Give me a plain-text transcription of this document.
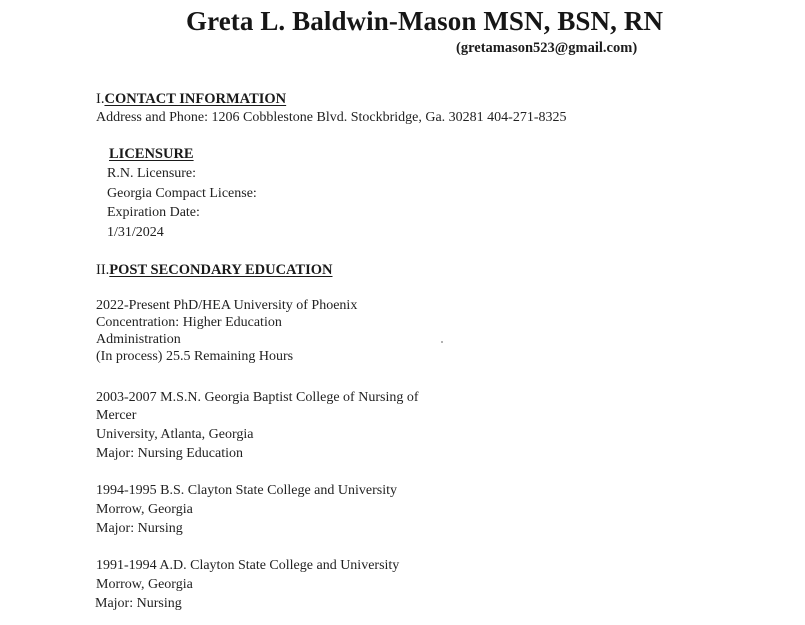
Greta L. Baldwin-Mason MSN, BSN, RN
(gretamason523@gmail.com)
I.CONTACT INFORMATION
Address and Phone: 1206 Cobblestone Blvd. Stockbridge, Ga. 30281 404-271-8325
LICENSURE
R.N. Licensure:
Georgia Compact License:
Expiration Date:
1/31/2024
II.POST SECONDARY EDUCATION
2022-Present PhD/HEA University of Phoenix
Concentration: Higher Education
Administration
(In process) 25.5 Remaining Hours
2003-2007 M.S.N. Georgia Baptist College of Nursing of
Mercer
University, Atlanta, Georgia
Major: Nursing Education
1994-1995 B.S. Clayton State College and University
Morrow, Georgia
Major: Nursing
1991-1994 A.D. Clayton State College and University
Morrow, Georgia
Major: Nursing
